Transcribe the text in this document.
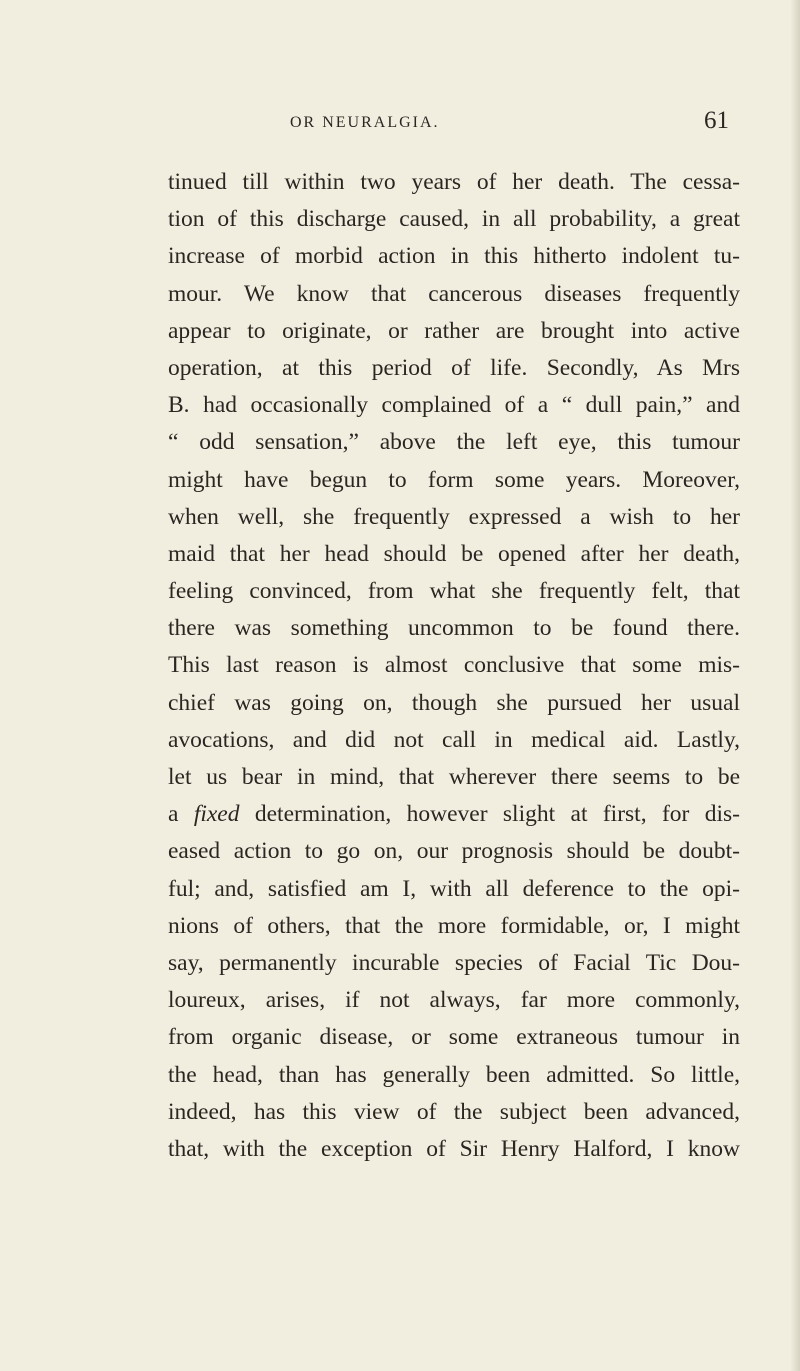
OR NEURALGIA.	61
tinued till within two years of her death. The cessa-
tion of this discharge caused, in all probability, a great
increase of morbid action in this hitherto indolent tu-
mour. We know that cancerous diseases frequently
appear to originate, or rather are brought into active
operation, at this period of life. Secondly, As Mrs
B. had occasionally complained of a “ dull pain,” and
“ odd sensation,” above the left eye, this tumour
might have begun to form some years. Moreover,
when well, she frequently expressed a wish to her
maid that her head should be opened after her death,
feeling convinced, from what she frequently felt, that
there was something uncommon to be found there.
This last reason is almost conclusive that some mis-
chief was going on, though she pursued her usual
avocations, and did not call in medical aid. Lastly,
let us bear in mind, that wherever there seems to be
a fixed determination, however slight at first, for dis-
eased action to go on, our prognosis should be doubt-
ful; and, satisfied am I, with all deference to the opi-
nions of others, that the more formidable, or, I might
say, permanently incurable species of Facial Tic Dou-
loureux, arises, if not always, far more commonly,
from organic disease, or some extraneous tumour in
the head, than has generally been admitted. So little,
indeed, has this view of the subject been advanced,
that, with the exception of Sir Henry Halford, I know
